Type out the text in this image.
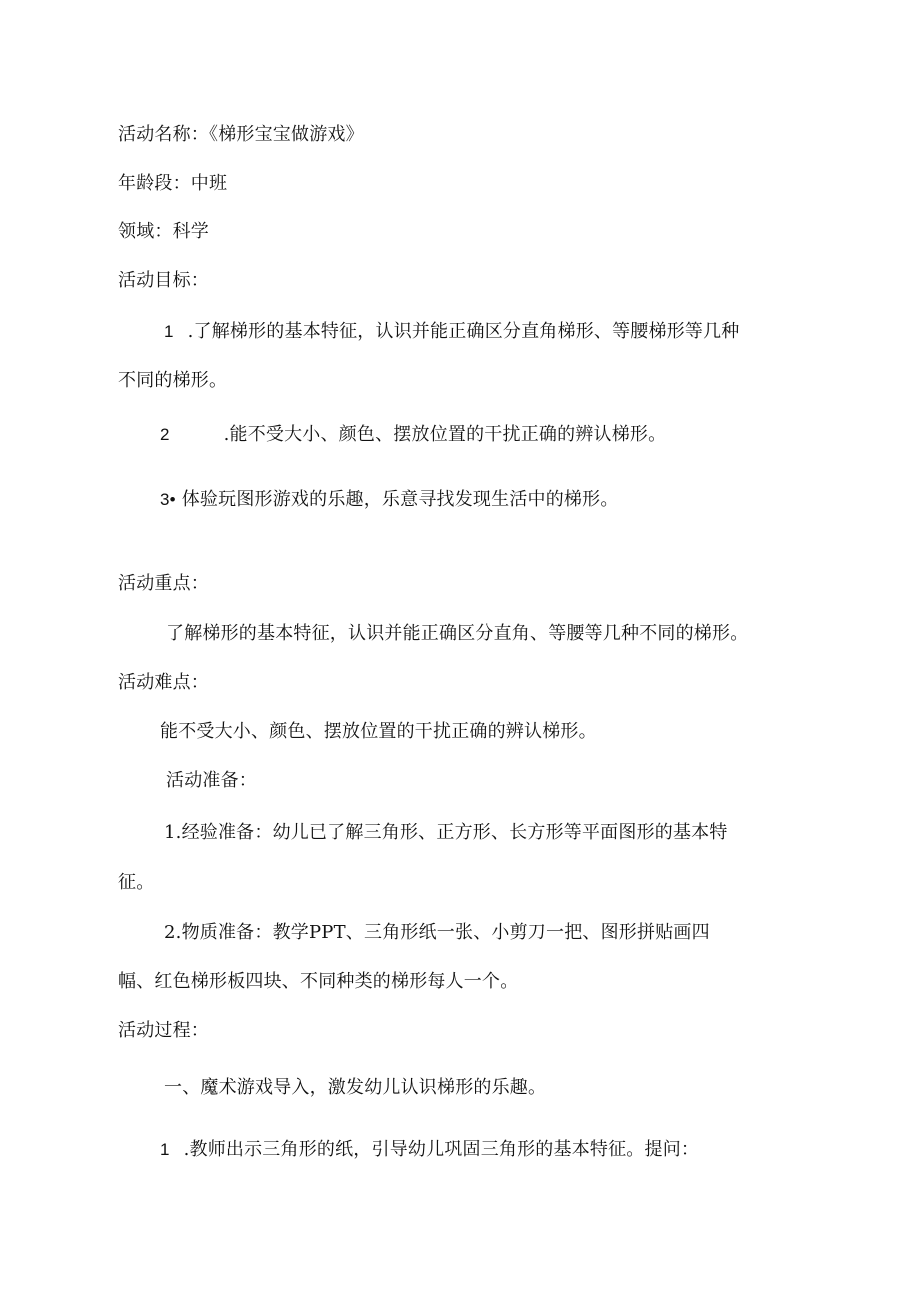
活动名称：《梯形宝宝做游戏》
年龄段：中班
领域：科学
活动目标：
1 .了解梯形的基本特征，认识并能正确区分直角梯形、等腰梯形等几种
不同的梯形。
2	.能不受大小、颜色、摆放位置的干扰正确的辨认梯形。
3• 体验玩图形游戏的乐趣，乐意寻找发现生活中的梯形。
活动重点：
了解梯形的基本特征，认识并能正确区分直角、等腰等几种不同的梯形。
活动难点：
能不受大小、颜色、摆放位置的干扰正确的辨认梯形。
活动准备：
1.经验准备：幼儿已了解三角形、正方形、长方形等平面图形的基本特
征。
2.物质准备：教学PPT、三角形纸一张、小剪刀一把、图形拼贴画四
幅、红色梯形板四块、不同种类的梯形每人一个。
活动过程：
一、魔术游戏导入，激发幼儿认识梯形的乐趣。
1 .教师出示三角形的纸，引导幼儿巩固三角形的基本特征。提问：
